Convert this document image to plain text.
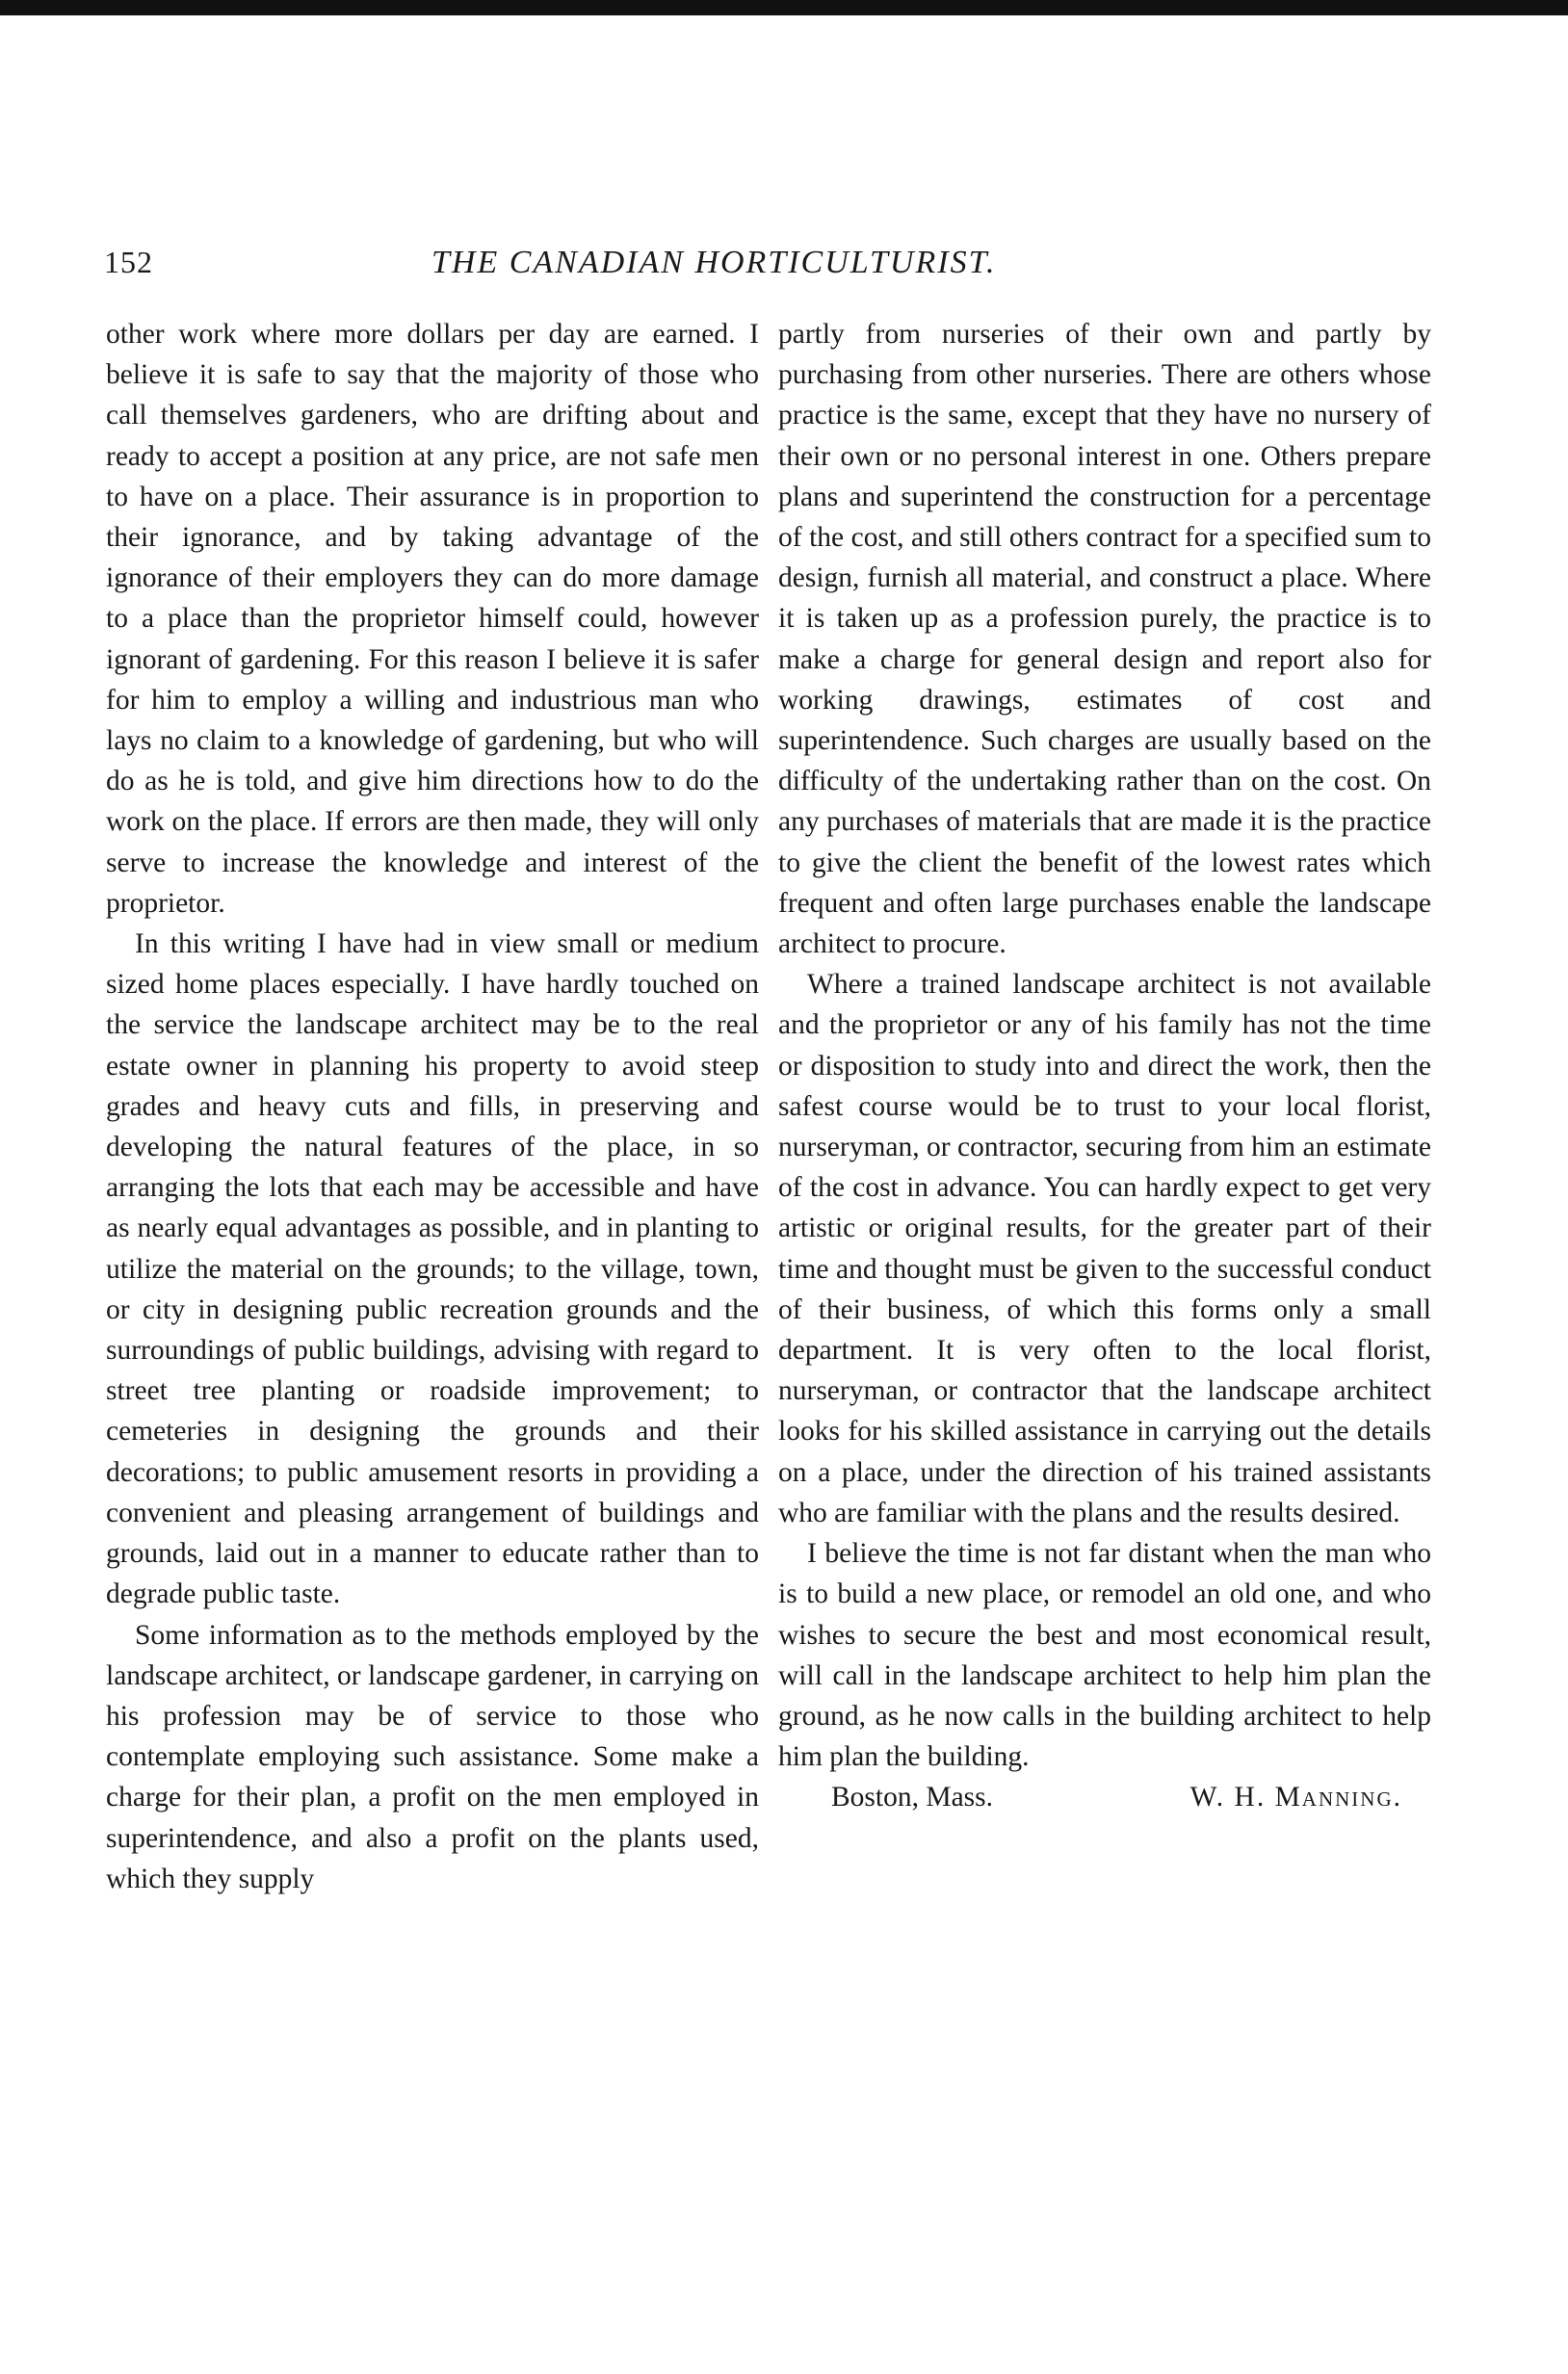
152	THE CANADIAN HORTICULTURIST.

other work where more dollars per day are earned. I believe it is safe to say that the majority of those who call themselves gardeners, who are drifting about and ready to accept a position at any price, are not safe men to have on a place. Their assurance is in proportion to their ignorance, and by taking advantage of the ignorance of their employers they can do more damage to a place than the proprietor himself could, however ignorant of gardening. For this reason I believe it is safer for him to employ a willing and industrious man who lays no claim to a knowledge of gardening, but who will do as he is told, and give him directions how to do the work on the place. If errors are then made, they will only serve to increase the knowledge and interest of the proprietor.

In this writing I have had in view small or medium sized home places especially. I have hardly touched on the service the landscape architect may be to the real estate owner in planning his property to avoid steep grades and heavy cuts and fills, in preserving and developing the natural features of the place, in so arranging the lots that each may be accessible and have as nearly equal advantages as possible, and in planting to utilize the material on the grounds; to the village, town, or city in designing public recreation grounds and the surroundings of public buildings, advising with regard to street tree planting or roadside improvement; to cemeteries in designing the grounds and their decorations; to public amusement resorts in providing a convenient and pleasing arrangement of buildings and grounds, laid out in a manner to educate rather than to degrade public taste.

Some information as to the methods employed by the landscape architect, or landscape gardener, in carrying on his profession may be of service to those who contemplate employing such assistance. Some make a charge for their plan, a profit on the men employed in superintendence, and also a profit on the plants used, which they supply

partly from nurseries of their own and partly by purchasing from other nurseries. There are others whose practice is the same, except that they have no nursery of their own or no personal interest in one. Others prepare plans and superintend the construction for a percentage of the cost, and still others contract for a specified sum to design, furnish all material, and construct a place. Where it is taken up as a profession purely, the practice is to make a charge for general design and report also for working drawings, estimates of cost and superintendence. Such charges are usually based on the difficulty of the undertaking rather than on the cost. On any purchases of materials that are made it is the practice to give the client the benefit of the lowest rates which frequent and often large purchases enable the landscape architect to procure.

Where a trained landscape architect is not available and the proprietor or any of his family has not the time or disposition to study into and direct the work, then the safest course would be to trust to your local florist, nurseryman, or contractor, securing from him an estimate of the cost in advance. You can hardly expect to get very artistic or original results, for the greater part of their time and thought must be given to the successful conduct of their business, of which this forms only a small department. It is very often to the local florist, nurseryman, or contractor that the landscape architect looks for his skilled assistance in carrying out the details on a place, under the direction of his trained assistants who are familiar with the plans and the results desired.

I believe the time is not far distant when the man who is to build a new place, or remodel an old one, and who wishes to secure the best and most economical result, will call in the landscape architect to help him plan the ground, as he now calls in the building architect to help him plan the building.

Boston, Mass.	W. H. Manning.
